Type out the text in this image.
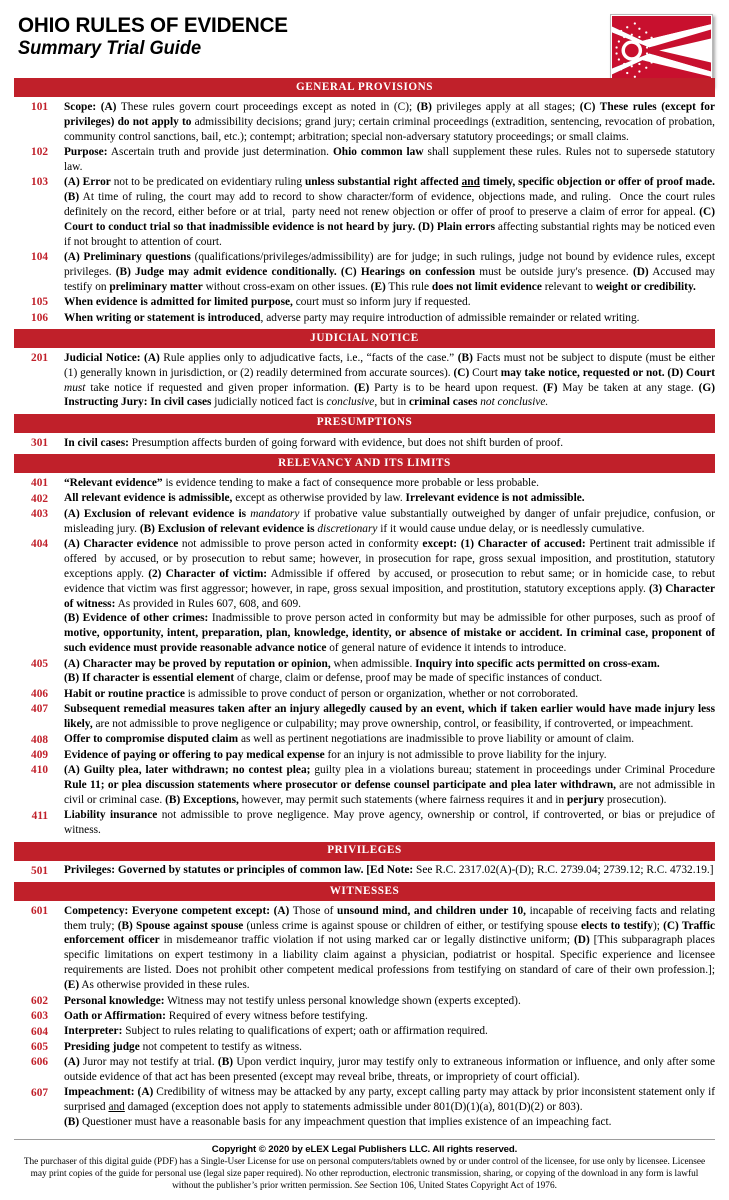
OHIO RULES OF EVIDENCE
Summary Trial Guide
GENERAL PROVISIONS
101	Scope: (A) These rules govern court proceedings except as noted in (C); (B) privileges apply at all stages; (C) These rules (except for privileges) do not apply to admissibility decisions; grand jury; certain criminal proceedings (extradition, sentencing, revocation of probation, community control sanctions, bail, etc.); contempt; arbitration; special non-adversary statutory proceedings; or small claims.
102	Purpose: Ascertain truth and provide just determination. Ohio common law shall supplement these rules. Rules not to supersede statutory law.
103	(A) Error not to be predicated on evidentiary ruling unless substantial right affected and timely, specific objection or offer of proof made. (B) At time of ruling, the court may add to record to show character/form of evidence, objections made, and ruling.  Once the court rules definitely on the record, either before or at trial,  party need not renew objection or offer of proof to preserve a claim of error for appeal. (C) Court to conduct trial so that inadmissible evidence is not heard by jury. (D) Plain errors affecting substantial rights may be noticed even if not brought to attention of court.
104	(A) Preliminary questions (qualifications/privileges/admissibility) are for judge; in such rulings, judge not bound by evidence rules, except privileges. (B) Judge may admit evidence conditionally. (C) Hearings on confession must be outside jury's presence. (D) Accused may testify on preliminary matter without cross-exam on other issues. (E) This rule does not limit evidence relevant to weight or credibility.
105	When evidence is admitted for limited purpose, court must so inform jury if requested.
106	When writing or statement is introduced, adverse party may require introduction of admissible remainder or related writing.
JUDICIAL NOTICE
201	Judicial Notice: (A) Rule applies only to adjudicative facts, i.e., “facts of the case.” (B) Facts must not be subject to dispute (must be either (1) generally known in jurisdiction, or (2) readily determined from accurate sources). (C) Court may take notice, requested or not. (D) Court must take notice if requested and given proper information. (E) Party is to be heard upon request. (F) May be taken at any stage. (G) Instructing Jury: In civil cases judicially noticed fact is conclusive, but in criminal cases not conclusive.
PRESUMPTIONS
301	In civil cases: Presumption affects burden of going forward with evidence, but does not shift burden of proof.
RELEVANCY AND ITS LIMITS
401	“Relevant evidence” is evidence tending to make a fact of consequence more probable or less probable.
402	All relevant evidence is admissible, except as otherwise provided by law. Irrelevant evidence is not admissible.
403	(A) Exclusion of relevant evidence is mandatory if probative value substantially outweighed by danger of unfair prejudice, confusion, or misleading jury. (B) Exclusion of relevant evidence is discretionary if it would cause undue delay, or is needlessly cumulative.
404	(A) Character evidence not admissible to prove person acted in conformity except: (1) Character of accused: Pertinent trait admissible if offered  by accused, or by prosecution to rebut same; however, in prosecution for rape, gross sexual imposition, and prostitution, statutory exceptions apply. (2) Character of victim: Admissible if offered  by accused, or prosecution to rebut same; or in homicide case, to rebut evidence that victim was first aggressor; however, in rape, gross sexual imposition, and prostitution, statutory exceptions apply. (3) Character of witness: As provided in Rules 607, 608, and 609.
(B) Evidence of other crimes: Inadmissible to prove person acted in conformity but may be admissible for other purposes, such as proof of motive, opportunity, intent, preparation, plan, knowledge, identity, or absence of mistake or accident. In criminal case, proponent of such evidence must provide reasonable advance notice of general nature of evidence it intends to introduce.
405	(A) Character may be proved by reputation or opinion, when admissible. Inquiry into specific acts permitted on cross-exam.
(B) If character is essential element of charge, claim or defense, proof may be made of specific instances of conduct.
406	Habit or routine practice is admissible to prove conduct of person or organization, whether or not corroborated.
407	Subsequent remedial measures taken after an injury allegedly caused by an event, which if taken earlier would have made injury less likely, are not admissible to prove negligence or culpability; may prove ownership, control, or feasibility, if controverted, or impeachment.
408	Offer to compromise disputed claim as well as pertinent negotiations are inadmissible to prove liability or amount of claim.
409	Evidence of paying or offering to pay medical expense for an injury is not admissible to prove liability for the injury.
410	(A) Guilty plea, later withdrawn; no contest plea; guilty plea in a violations bureau; statement in proceedings under Criminal Procedure Rule 11; or plea discussion statements where prosecutor or defense counsel participate and plea later withdrawn, are not admissible in civil or criminal case. (B) Exceptions, however, may permit such statements (where fairness requires it and in perjury prosecution).
411	Liability insurance not admissible to prove negligence. May prove agency, ownership or control, if controverted, or bias or prejudice of witness.
PRIVILEGES
501	Privileges: Governed by statutes or principles of common law. [Ed Note: See R.C. 2317.02(A)-(D); R.C. 2739.04; 2739.12; R.C. 4732.19.]
WITNESSES
601	Competency: Everyone competent except: (A) Those of unsound mind, and children under 10, incapable of receiving facts and relating them truly; (B) Spouse against spouse (unless crime is against spouse or children of either, or testifying spouse elects to testify); (C) Traffic enforcement officer in misdemeanor traffic violation if not using marked car or legally distinctive uniform; (D) [This subparagraph places specific limitations on expert testimony in a liability claim against a physician, podiatrist or hospital. Specific experience and licensee requirements are listed. Does not prohibit other competent medical professions from testifying on standard of care of their own profession.]; (E) As otherwise provided in these rules.
602	Personal knowledge: Witness may not testify unless personal knowledge shown (experts excepted).
603	Oath or Affirmation: Required of every witness before testifying.
604	Interpreter: Subject to rules relating to qualifications of expert; oath or affirmation required.
605	Presiding judge not competent to testify as witness.
606	(A) Juror may not testify at trial. (B) Upon verdict inquiry, juror may testify only to extraneous information or influence, and only after some outside evidence of that act has been presented (except may reveal bribe, threats, or impropriety of court official).
607	Impeachment: (A) Credibility of witness may be attacked by any party, except calling party may attack by prior inconsistent statement only if surprised and damaged (exception does not apply to statements admissible under 801(D)(1)(a), 801(D)(2) or 803).
(B) Questioner must have a reasonable basis for any impeachment question that implies existence of an impeaching fact.
Copyright © 2020 by eLEX Legal Publishers LLC. All rights reserved.
The purchaser of this digital guide (PDF) has a Single-User License for use on personal computers/tablets owned by or under control of the licensee, for use only by licensee. Licensee may print copies of the guide for personal use (legal size paper required). No other reproduction, electronic transmission, sharing, or copying of the download in any form is lawful without the publisher’s prior written permission. See Section 106, United States Copyright Act of 1976.
